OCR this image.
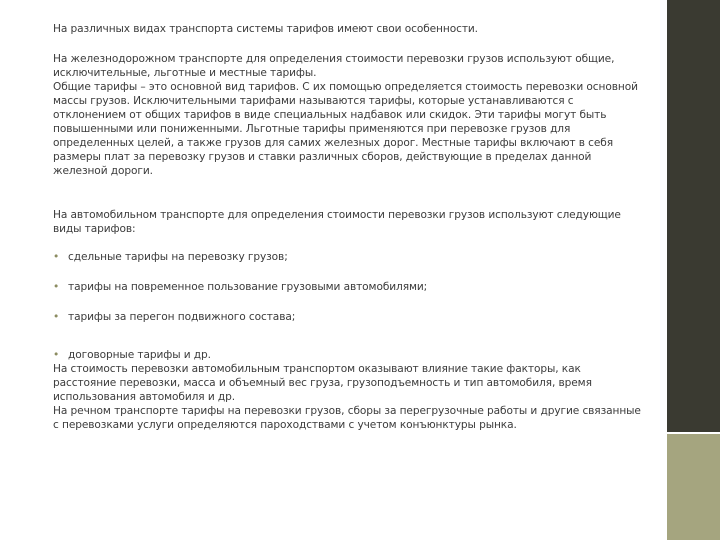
На различных видах транспорта системы тарифов имеют свои особенности.

На железнодорожном транспорте для определения стоимости перевозки грузов используют общие, исключительные, льготные и местные тарифы.

Общие тарифы – это основной вид тарифов. С их помощью определяется стоимость перевозки основной массы грузов. Исключительными тарифами называются тарифы, которые устанавливаются с отклонением от общих тарифов в виде специальных надбавок или скидок. Эти тарифы могут быть повышенными или пониженными. Льготные тарифы применяются при перевозке грузов для определенных целей, а также грузов для самих железных дорог. Местные тарифы включают в себя размеры плат за перевозку грузов и ставки различных сборов, действующие в пределах данной железной дороги.

На автомобильном транспорте для определения стоимости перевозки грузов используют следующие виды тарифов:

• сдельные тарифы на перевозку грузов;

• тарифы на повременное пользование грузовыми автомобилями;

• тарифы за перегон подвижного состава;

• договорные тарифы и др.

На стоимость перевозки автомобильным транспортом оказывают влияние такие факторы, как расстояние перевозки, масса и объемный вес груза, грузоподъемность и тип автомобиля, время использования автомобиля и др.

На речном транспорте тарифы на перевозки грузов, сборы за перегрузочные работы и другие связанные с перевозками услуги определяются пароходствами с учетом конъюнктуры рынка.
